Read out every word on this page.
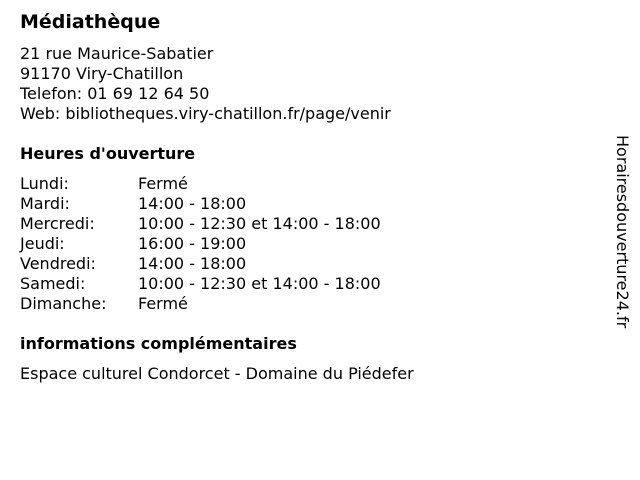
Médiathèque
21 rue Maurice-Sabatier
91170 Viry-Chatillon
Telefon: 01 69 12 64 50
Web: bibliotheques.viry-chatillon.fr/page/venir
Heures d'ouverture
Lundi:	Fermé
Mardi:	14:00 - 18:00
Mercredi:	10:00 - 12:30 et 14:00 - 18:00
Jeudi:	16:00 - 19:00
Vendredi:	14:00 - 18:00
Samedi:	10:00 - 12:30 et 14:00 - 18:00
Dimanche:	Fermé
informations complémentaires
Espace culturel Condorcet - Domaine du Piédefer
Horairesdouverture24.fr
